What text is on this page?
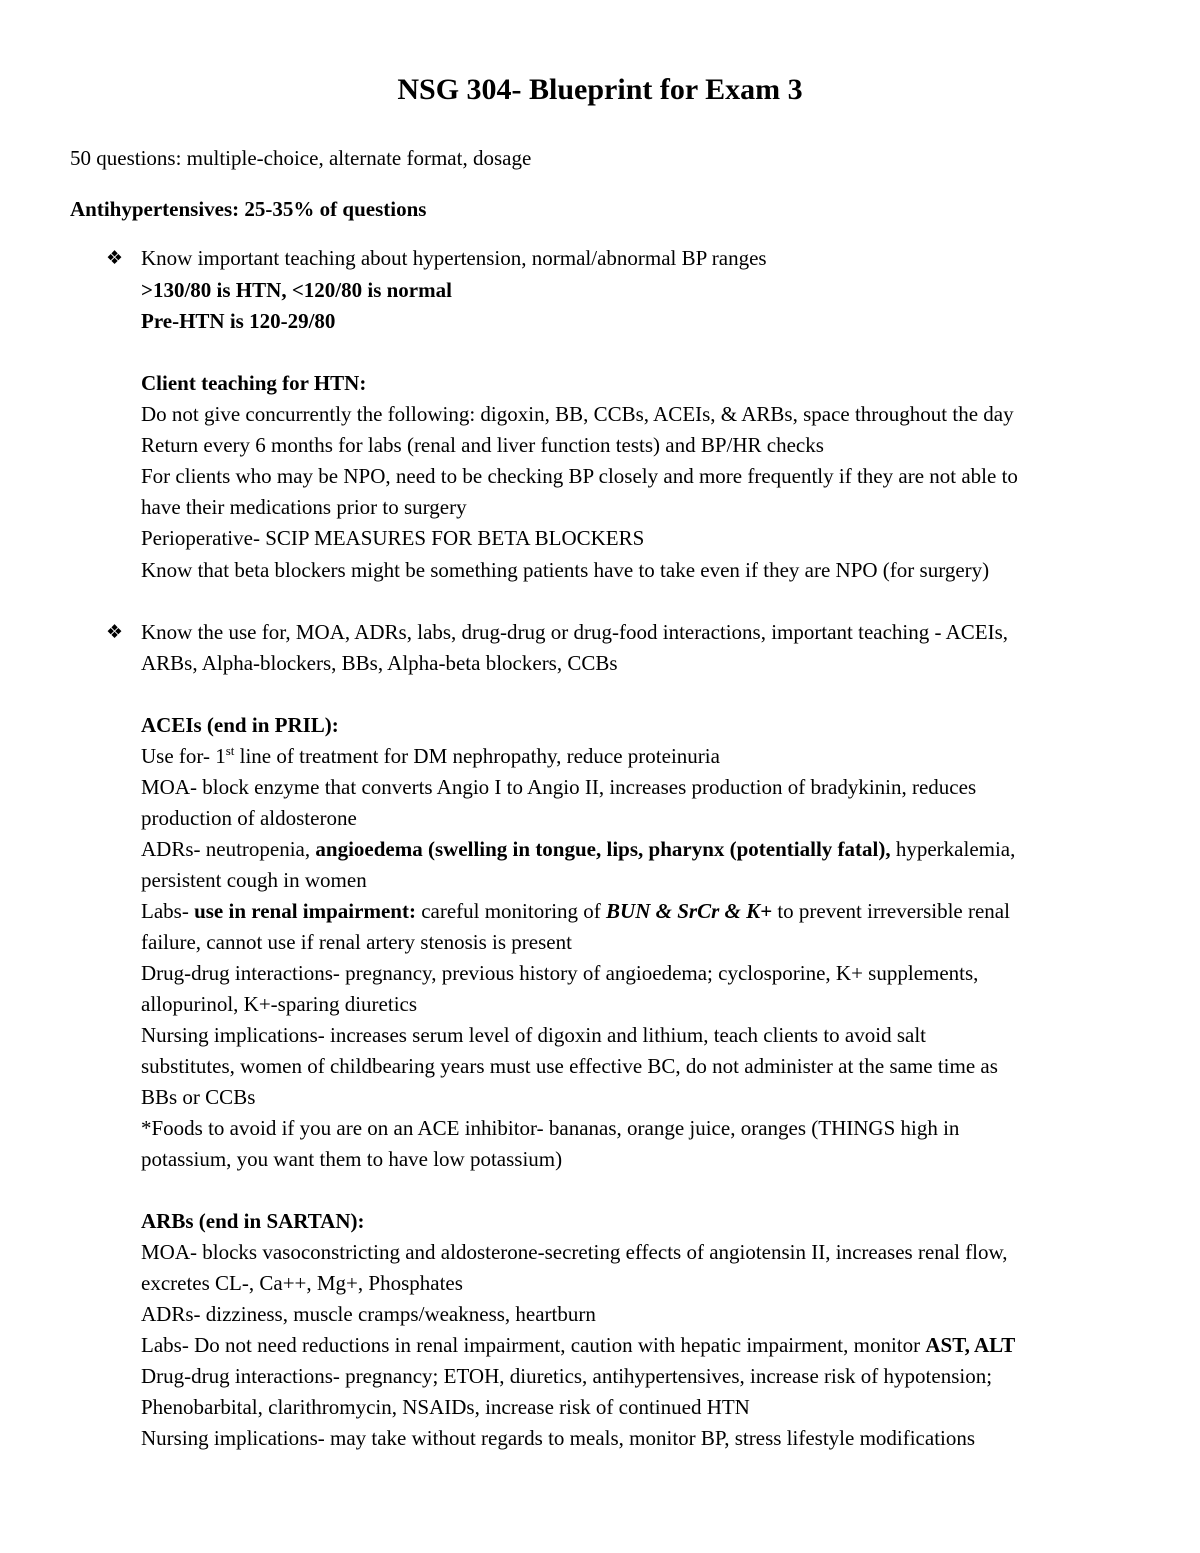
NSG 304- Blueprint for Exam 3
50 questions: multiple-choice, alternate format, dosage
Antihypertensives: 25-35% of questions
❖ Know important teaching about hypertension, normal/abnormal BP ranges
>130/80 is HTN, <120/80 is normal
Pre-HTN is 120-29/80
Client teaching for HTN:
Do not give concurrently the following: digoxin, BB, CCBs, ACEIs, & ARBs, space throughout the day
Return every 6 months for labs (renal and liver function tests) and BP/HR checks
For clients who may be NPO, need to be checking BP closely and more frequently if they are not able to
have their medications prior to surgery
Perioperative- SCIP MEASURES FOR BETA BLOCKERS
Know that beta blockers might be something patients have to take even if they are NPO (for surgery)
❖ Know the use for, MOA, ADRs, labs, drug-drug or drug-food interactions, important teaching - ACEIs,
ARBs, Alpha-blockers, BBs, Alpha-beta blockers, CCBs
ACEIs (end in PRIL):
Use for- 1st line of treatment for DM nephropathy, reduce proteinuria
MOA- block enzyme that converts Angio I to Angio II, increases production of bradykinin, reduces
production of aldosterone
ADRs- neutropenia, angioedema (swelling in tongue, lips, pharynx (potentially fatal), hyperkalemia,
persistent cough in women
Labs- use in renal impairment: careful monitoring of BUN & SrCr & K+ to prevent irreversible renal
failure, cannot use if renal artery stenosis is present
Drug-drug interactions- pregnancy, previous history of angioedema; cyclosporine, K+ supplements,
allopurinol, K+-sparing diuretics
Nursing implications- increases serum level of digoxin and lithium, teach clients to avoid salt
substitutes, women of childbearing years must use effective BC, do not administer at the same time as
BBs or CCBs
*Foods to avoid if you are on an ACE inhibitor- bananas, orange juice, oranges (THINGS high in
potassium, you want them to have low potassium)
ARBs (end in SARTAN):
MOA- blocks vasoconstricting and aldosterone-secreting effects of angiotensin II, increases renal flow,
excretes CL-, Ca++, Mg+, Phosphates
ADRs- dizziness, muscle cramps/weakness, heartburn
Labs- Do not need reductions in renal impairment, caution with hepatic impairment, monitor AST, ALT
Drug-drug interactions- pregnancy; ETOH, diuretics, antihypertensives, increase risk of hypotension;
Phenobarbital, clarithromycin, NSAIDs, increase risk of continued HTN
Nursing implications- may take without regards to meals, monitor BP, stress lifestyle modifications
